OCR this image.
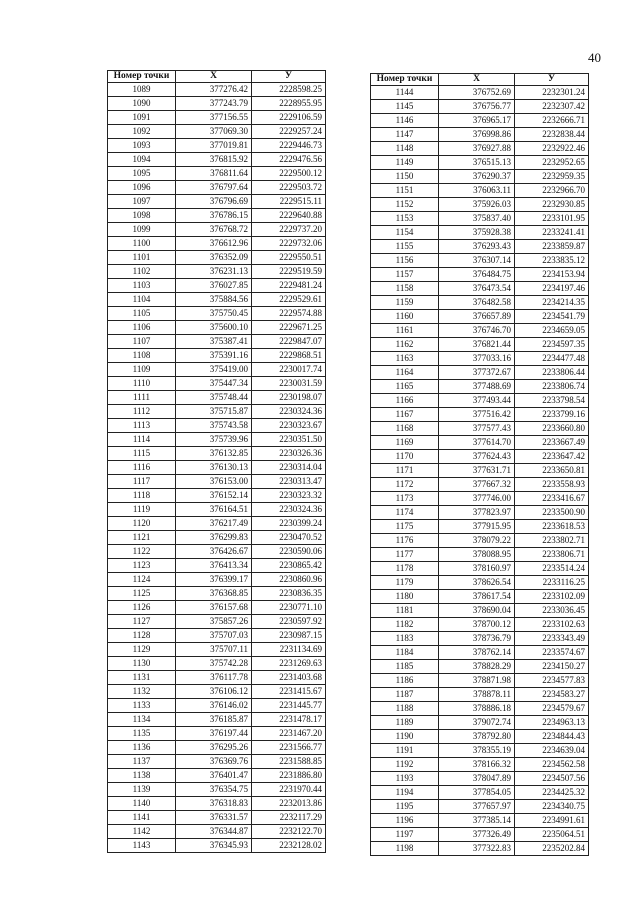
40
Номер точки	X	У
1089	377276.42	2228598.25
1090	377243.79	2228955.95
1091	377156.55	2229106.59
1092	377069.30	2229257.24
1093	377019.81	2229446.73
1094	376815.92	2229476.56
1095	376811.64	2229500.12
1096	376797.64	2229503.72
1097	376796.69	2229515.11
1098	376786.15	2229640.88
1099	376768.72	2229737.20
1100	376612.96	2229732.06
1101	376352.09	2229550.51
1102	376231.13	2229519.59
1103	376027.85	2229481.24
1104	375884.56	2229529.61
1105	375750.45	2229574.88
1106	375600.10	2229671.25
1107	375387.41	2229847.07
1108	375391.16	2229868.51
1109	375419.00	2230017.74
1110	375447.34	2230031.59
1111	375748.44	2230198.07
1112	375715.87	2230324.36
1113	375743.58	2230323.67
1114	375739.96	2230351.50
1115	376132.85	2230326.36
1116	376130.13	2230314.04
1117	376153.00	2230313.47
1118	376152.14	2230323.32
1119	376164.51	2230324.36
1120	376217.49	2230399.24
1121	376299.83	2230470.52
1122	376426.67	2230590.06
1123	376413.34	2230865.42
1124	376399.17	2230860.96
1125	376368.85	2230836.35
1126	376157.68	2230771.10
1127	375857.26	2230597.92
1128	375707.03	2230987.15
1129	375707.11	2231134.69
1130	375742.28	2231269.63
1131	376117.78	2231403.68
1132	376106.12	2231415.67
1133	376146.02	2231445.77
1134	376185.87	2231478.17
1135	376197.44	2231467.20
1136	376295.26	2231566.77
1137	376369.76	2231588.85
1138	376401.47	2231886.80
1139	376354.75	2231970.44
1140	376318.83	2232013.86
1141	376331.57	2232117.29
1142	376344.87	2232122.70
1143	376345.93	2232128.02
Номер точки	X	У
1144	376752.69	2232301.24
1145	376756.77	2232307.42
1146	376965.17	2232666.71
1147	376998.86	2232838.44
1148	376927.88	2232922.46
1149	376515.13	2232952.65
1150	376290.37	2232959.35
1151	376063.11	2232966.70
1152	375926.03	2232930.85
1153	375837.40	2233101.95
1154	375928.38	2233241.41
1155	376293.43	2233859.87
1156	376307.14	2233835.12
1157	376484.75	2234153.94
1158	376473.54	2234197.46
1159	376482.58	2234214.35
1160	376657.89	2234541.79
1161	376746.70	2234659.05
1162	376821.44	2234597.35
1163	377033.16	2234477.48
1164	377372.67	2233806.44
1165	377488.69	2233806.74
1166	377493.44	2233798.54
1167	377516.42	2233799.16
1168	377577.43	2233660.80
1169	377614.70	2233667.49
1170	377624.43	2233647.42
1171	377631.71	2233650.81
1172	377667.32	2233558.93
1173	377746.00	2233416.67
1174	377823.97	2233500.90
1175	377915.95	2233618.53
1176	378079.22	2233802.71
1177	378088.95	2233806.71
1178	378160.97	2233514.24
1179	378626.54	2233116.25
1180	378617.54	2233102.09
1181	378690.04	2233036.45
1182	378700.12	2233102.63
1183	378736.79	2233343.49
1184	378762.14	2233574.67
1185	378828.29	2234150.27
1186	378871.98	2234577.83
1187	378878.11	2234583.27
1188	378886.18	2234579.67
1189	379072.74	2234963.13
1190	378792.80	2234844.43
1191	378355.19	2234639.04
1192	378166.32	2234562.58
1193	378047.89	2234507.56
1194	377854.05	2234425.32
1195	377657.97	2234340.75
1196	377385.14	2234991.61
1197	377326.49	2235064.51
1198	377322.83	2235202.84
